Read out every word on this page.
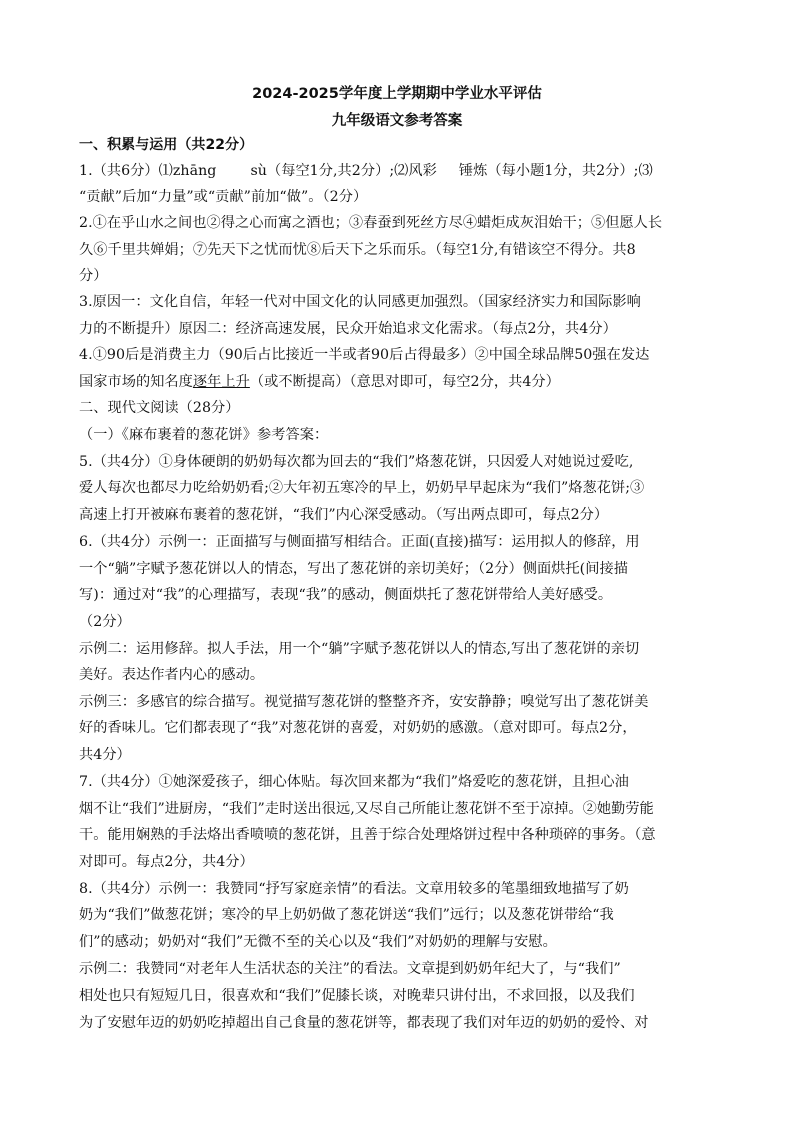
2024-2025学年度上学期期中学业水平评估
九年级语文参考答案
一、积累与运用（共22分）
1.（共6分）⑴zhāng sù（每空1分,共2分）;⑵风彩 锤炼（每小题1分，共2分）;⑶
“贡献”后加“力量”或“贡献”前加“做”。（2分）
2.①在乎山水之间也②得之心而寓之酒也；③春蚕到死丝方尽④蜡炬成灰泪始干；⑤但愿人长
久⑥千里共婵娟；⑦先天下之忧而忧⑧后天下之乐而乐。（每空1分,有错该空不得分。共8
分）
3.原因一：文化自信，年轻一代对中国文化的认同感更加强烈。（国家经济实力和国际影响
力的不断提升）原因二：经济高速发展，民众开始追求文化需求。（每点2分，共4分）
4.①90后是消费主力（90后占比接近一半或者90后占得最多）②中国全球品牌50强在发达
国家市场的知名度逐年上升（或不断提高）（意思对即可，每空2分，共4分）
二、现代文阅读（28分）
（一）《麻布裹着的葱花饼》参考答案：
5.（共4分）①身体硬朗的奶奶每次都为回去的“我们”烙葱花饼，只因爱人对她说过爱吃,
爱人每次也都尽力吃给奶奶看;②大年初五寒冷的早上，奶奶早早起床为“我们”烙葱花饼;③
高速上打开被麻布裹着的葱花饼，“我们”内心深受感动。（写出两点即可，每点2分）
6.（共4分）示例一：正面描写与侧面描写相结合。正面(直接)描写：运用拟人的修辞，用
一个“躺”字赋予葱花饼以人的情态，写出了葱花饼的亲切美好；（2分）侧面烘托(间接描
写)：通过对“我”的心理描写，表现“我”的感动，侧面烘托了葱花饼带给人美好感受。
（2分）
示例二：运用修辞。拟人手法，用一个“躺”字赋予葱花饼以人的情态,写出了葱花饼的亲切
美好。表达作者内心的感动。
示例三：多感官的综合描写。视觉描写葱花饼的整整齐齐，安安静静；嗅觉写出了葱花饼美
好的香味儿。它们都表现了“我”对葱花饼的喜爱，对奶奶的感激。（意对即可。每点2分，
共4分）
7.（共4分）①她深爱孩子，细心体贴。每次回来都为“我们”烙爱吃的葱花饼，且担心油
烟不让“我们”进厨房，“我们”走时送出很远,又尽自己所能让葱花饼不至于凉掉。②她勤劳能
干。能用娴熟的手法烙出香喷喷的葱花饼，且善于综合处理烙饼过程中各种琐碎的事务。（意
对即可。每点2分，共4分）
8.（共4分）示例一：我赞同“抒写家庭亲情”的看法。文章用较多的笔墨细致地描写了奶
奶为“我们”做葱花饼；寒冷的早上奶奶做了葱花饼送“我们”远行；以及葱花饼带给“我
们”的感动；奶奶对“我们”无微不至的关心以及“我们”对奶奶的理解与安慰。
示例二：我赞同“对老年人生活状态的关注”的看法。文章提到奶奶年纪大了，与“我们”
相处也只有短短几日，很喜欢和“我们”促膝长谈，对晚辈只讲付出，不求回报，以及我们
为了安慰年迈的奶奶吃掉超出自己食量的葱花饼等，都表现了我们对年迈的奶奶的爱怜、对
